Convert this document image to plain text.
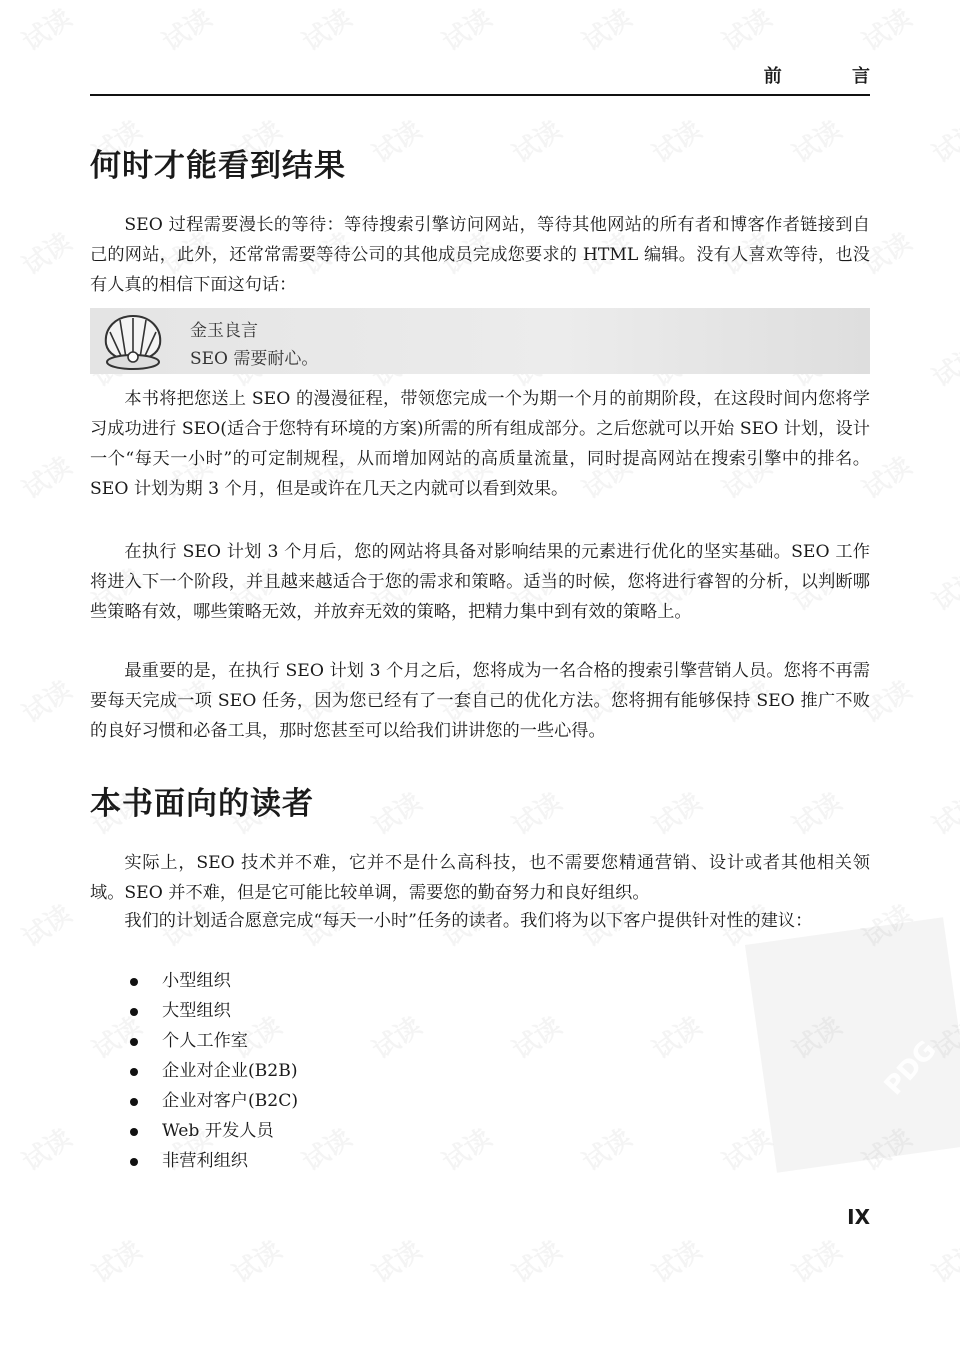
PDG
前 言
何时才能看到结果

SEO 过程需要漫长的等待：等待搜索引擎访问网站，等待其他网站的所有者和博客作者链接到自己的网站，此外，还常常需要等待公司的其他成员完成您要求的 HTML 编辑。没有人喜欢等待，也没有人真的相信下面这句话：

金玉良言
SEO 需要耐心。

本书将把您送上 SEO 的漫漫征程，带领您完成一个为期一个月的前期阶段，在这段时间内您将学习成功进行 SEO(适合于您特有环境的方案)所需的所有组成部分。之后您就可以开始 SEO 计划，设计一个“每天一小时”的可定制规程，从而增加网站的高质量流量，同时提高网站在搜索引擎中的排名。SEO 计划为期 3 个月，但是或许在几天之内就可以看到效果。

在执行 SEO 计划 3 个月后，您的网站将具备对影响结果的元素进行优化的坚实基础。SEO 工作将进入下一个阶段，并且越来越适合于您的需求和策略。适当的时候，您将进行睿智的分析，以判断哪些策略有效，哪些策略无效，并放弃无效的策略，把精力集中到有效的策略上。

最重要的是，在执行 SEO 计划 3 个月之后，您将成为一名合格的搜索引擎营销人员。您将不再需要每天完成一项 SEO 任务，因为您已经有了一套自己的优化方法。您将拥有能够保持 SEO 推广不败的良好习惯和必备工具，那时您甚至可以给我们讲讲您的一些心得。

本书面向的读者

实际上，SEO 技术并不难，它并不是什么高科技，也不需要您精通营销、设计或者其他相关领域。SEO 并不难，但是它可能比较单调，需要您的勤奋努力和良好组织。

我们的计划适合愿意完成“每天一小时”任务的读者。我们将为以下客户提供针对性的建议：

小型组织
大型组织
个人工作室
企业对企业(B2B)
企业对客户(B2C)
Web 开发人员
非营利组织
IX
